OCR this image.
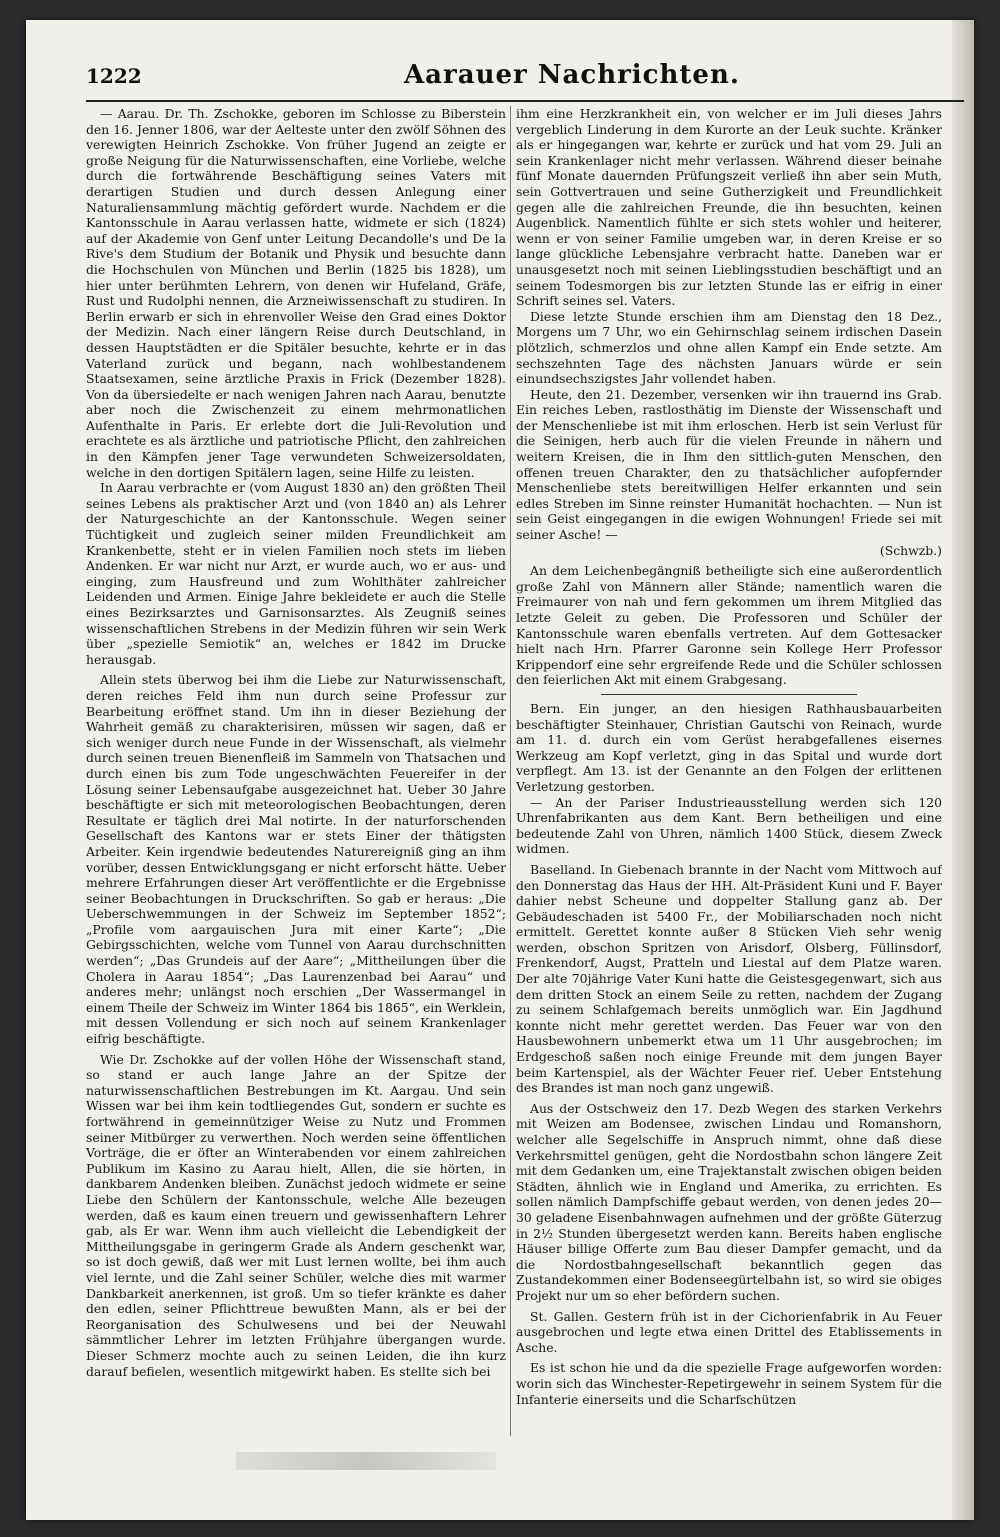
1222	Aarauer Nachrichten.

— Aarau. Dr. Th. Zschokke, geboren im Schlosse zu Biberstein den 16. Jenner 1806, war der Aelteste unter den zwölf Söhnen des verewigten Heinrich Zschokke. Von früher Jugend an zeigte er große Neigung für die Naturwissenschaften, eine Vorliebe, welche durch die fortwährende Beschäftigung seines Vaters mit derartigen Studien und durch dessen Anlegung einer Naturaliensammlung mächtig gefördert wurde. Nachdem er die Kantonsschule in Aarau verlassen hatte, widmete er sich (1824) auf der Akademie von Genf unter Leitung Decandolle's und De la Rive's dem Studium der Botanik und Physik und besuchte dann die Hochschulen von München und Berlin (1825 bis 1828), um hier unter berühmten Lehrern, von denen wir Hufeland, Gräfe, Rust und Rudolphi nennen, die Arzneiwissenschaft zu studiren. In Berlin erwarb er sich in ehrenvoller Weise den Grad eines Doktor der Medizin. Nach einer längern Reise durch Deutschland, in dessen Hauptstädten er die Spitäler besuchte, kehrte er in das Vaterland zurück und begann, nach wohlbestandenem Staatsexamen, seine ärztliche Praxis in Frick (Dezember 1828). Von da übersiedelte er nach wenigen Jahren nach Aarau, benutzte aber noch die Zwischenzeit zu einem mehrmonatlichen Aufenthalte in Paris. Er erlebte dort die Juli-Revolution und erachtete es als ärztliche und patriotische Pflicht, den zahlreichen in den Kämpfen jener Tage verwundeten Schweizersoldaten, welche in den dortigen Spitälern lagen, seine Hilfe zu leisten.

In Aarau verbrachte er (vom August 1830 an) den größten Theil seines Lebens als praktischer Arzt und (von 1840 an) als Lehrer der Naturgeschichte an der Kantonsschule. Wegen seiner Tüchtigkeit und zugleich seiner milden Freundlichkeit am Krankenbette, steht er in vielen Familien noch stets im lieben Andenken. Er war nicht nur Arzt, er wurde auch, wo er aus- und einging, zum Hausfreund und zum Wohlthäter zahlreicher Leidenden und Armen. Einige Jahre bekleidete er auch die Stelle eines Bezirksarztes und Garnisonsarztes. Als Zeugniß seines wissenschaftlichen Strebens in der Medizin führen wir sein Werk über „spezielle Semiotik“ an, welches er 1842 im Drucke herausgab.

Allein stets überwog bei ihm die Liebe zur Naturwissenschaft, deren reiches Feld ihm nun durch seine Professur zur Bearbeitung eröffnet stand. Um ihn in dieser Beziehung der Wahrheit gemäß zu charakterisiren, müssen wir sagen, daß er sich weniger durch neue Funde in der Wissenschaft, als vielmehr durch seinen treuen Bienenfleiß im Sammeln von Thatsachen und durch einen bis zum Tode ungeschwächten Feuereifer in der Lösung seiner Lebensaufgabe ausgezeichnet hat. Ueber 30 Jahre beschäftigte er sich mit meteorologischen Beobachtungen, deren Resultate er täglich drei Mal notirte. In der naturforschenden Gesellschaft des Kantons war er stets Einer der thätigsten Arbeiter. Kein irgendwie bedeutendes Naturereigniß ging an ihm vorüber, dessen Entwicklungsgang er nicht erforscht hätte. Ueber mehrere Erfahrungen dieser Art veröffentlichte er die Ergebnisse seiner Beobachtungen in Druckschriften. So gab er heraus: „Die Ueberschwemmungen in der Schweiz im September 1852“; „Profile vom aargauischen Jura mit einer Karte“; „Die Gebirgsschichten, welche vom Tunnel von Aarau durchschnitten werden“; „Das Grundeis auf der Aare“; „Mittheilungen über die Cholera in Aarau 1854“; „Das Laurenzenbad bei Aarau“ und anderes mehr; unlängst noch erschien „Der Wassermangel in einem Theile der Schweiz im Winter 1864 bis 1865“, ein Werklein, mit dessen Vollendung er sich noch auf seinem Krankenlager eifrig beschäftigte.

Wie Dr. Zschokke auf der vollen Höhe der Wissenschaft stand, so stand er auch lange Jahre an der Spitze der naturwissenschaftlichen Bestrebungen im Kt. Aargau. Und sein Wissen war bei ihm kein todtliegendes Gut, sondern er suchte es fortwährend in gemeinnütziger Weise zu Nutz und Frommen seiner Mitbürger zu verwerthen. Noch werden seine öffentlichen Vorträge, die er öfter an Winterabenden vor einem zahlreichen Publikum im Kasino zu Aarau hielt, Allen, die sie hörten, in dankbarem Andenken bleiben. Zunächst jedoch widmete er seine Liebe den Schülern der Kantonsschule, welche Alle bezeugen werden, daß es kaum einen treuern und gewissenhaftern Lehrer gab, als Er war. Wenn ihm auch vielleicht die Lebendigkeit der Mittheilungsgabe in geringerm Grade als Andern geschenkt war, so ist doch gewiß, daß wer mit Lust lernen wollte, bei ihm auch viel lernte, und die Zahl seiner Schüler, welche dies mit warmer Dankbarkeit anerkennen, ist groß. Um so tiefer kränkte es daher den edlen, seiner Pflichttreue bewußten Mann, als er bei der Reorganisation des Schulwesens und bei der Neuwahl sämmtlicher Lehrer im letzten Frühjahre übergangen wurde. Dieser Schmerz mochte auch zu seinen Leiden, die ihn kurz darauf befielen, wesentlich mitgewirkt haben. Es stellte sich bei

ihm eine Herzkrankheit ein, von welcher er im Juli dieses Jahrs vergeblich Linderung in dem Kurorte an der Leuk suchte. Kränker als er hingegangen war, kehrte er zurück und hat vom 29. Juli an sein Krankenlager nicht mehr verlassen. Während dieser beinahe fünf Monate dauernden Prüfungszeit verließ ihn aber sein Muth, sein Gottvertrauen und seine Gutherzigkeit und Freundlichkeit gegen alle die zahlreichen Freunde, die ihn besuchten, keinen Augenblick. Namentlich fühlte er sich stets wohler und heiterer, wenn er von seiner Familie umgeben war, in deren Kreise er so lange glückliche Lebensjahre verbracht hatte. Daneben war er unausgesetzt noch mit seinen Lieblingsstudien beschäftigt und an seinem Todesmorgen bis zur letzten Stunde las er eifrig in einer Schrift seines sel. Vaters.

Diese letzte Stunde erschien ihm am Dienstag den 18 Dez., Morgens um 7 Uhr, wo ein Gehirnschlag seinem irdischen Dasein plötzlich, schmerzlos und ohne allen Kampf ein Ende setzte. Am sechszehnten Tage des nächsten Januars würde er sein einundsechszigstes Jahr vollendet haben.

Heute, den 21. Dezember, versenken wir ihn trauernd ins Grab. Ein reiches Leben, rastlosthätig im Dienste der Wissenschaft und der Menschenliebe ist mit ihm erloschen. Herb ist sein Verlust für die Seinigen, herb auch für die vielen Freunde in nähern und weitern Kreisen, die in Ihm den sittlich-guten Menschen, den offenen treuen Charakter, den zu thatsächlicher aufopfernder Menschenliebe stets bereitwilligen Helfer erkannten und sein edles Streben im Sinne reinster Humanität hochachten. — Nun ist sein Geist eingegangen in die ewigen Wohnungen! Friede sei mit seiner Asche! —

(Schwzb.)

An dem Leichenbegängniß betheiligte sich eine außerordentlich große Zahl von Männern aller Stände; namentlich waren die Freimaurer von nah und fern gekommen um ihrem Mitglied das letzte Geleit zu geben. Die Professoren und Schüler der Kantonsschule waren ebenfalls vertreten. Auf dem Gottesacker hielt nach Hrn. Pfarrer Garonne sein Kollege Herr Professor Krippendorf eine sehr ergreifende Rede und die Schüler schlossen den feierlichen Akt mit einem Grabgesang.

Bern. Ein junger, an den hiesigen Rathhausbauarbeiten beschäftigter Steinhauer, Christian Gautschi von Reinach, wurde am 11. d. durch ein vom Gerüst herabgefallenes eisernes Werkzeug am Kopf verletzt, ging in das Spital und wurde dort verpflegt. Am 13. ist der Genannte an den Folgen der erlittenen Verletzung gestorben.

— An der Pariser Industrieausstellung werden sich 120 Uhrenfabrikanten aus dem Kant. Bern betheiligen und eine bedeutende Zahl von Uhren, nämlich 1400 Stück, diesem Zweck widmen.

Baselland. In Giebenach brannte in der Nacht vom Mittwoch auf den Donnerstag das Haus der HH. Alt-Präsident Kuni und F. Bayer dahier nebst Scheune und doppelter Stallung ganz ab. Der Gebäudeschaden ist 5400 Fr., der Mobiliarschaden noch nicht ermittelt. Gerettet konnte außer 8 Stücken Vieh sehr wenig werden, obschon Spritzen von Arisdorf, Olsberg, Füllinsdorf, Frenkendorf, Augst, Pratteln und Liestal auf dem Platze waren. Der alte 70jährige Vater Kuni hatte die Geistesgegenwart, sich aus dem dritten Stock an einem Seile zu retten, nachdem der Zugang zu seinem Schlafgemach bereits unmöglich war. Ein Jagdhund konnte nicht mehr gerettet werden. Das Feuer war von den Hausbewohnern unbemerkt etwa um 11 Uhr ausgebrochen; im Erdgeschoß saßen noch einige Freunde mit dem jungen Bayer beim Kartenspiel, als der Wächter Feuer rief. Ueber Entstehung des Brandes ist man noch ganz ungewiß.

Aus der Ostschweiz den 17. Dezb Wegen des starken Verkehrs mit Weizen am Bodensee, zwischen Lindau und Romanshorn, welcher alle Segelschiffe in Anspruch nimmt, ohne daß diese Verkehrsmittel genügen, geht die Nordostbahn schon längere Zeit mit dem Gedanken um, eine Trajektanstalt zwischen obigen beiden Städten, ähnlich wie in England und Amerika, zu errichten. Es sollen nämlich Dampfschiffe gebaut werden, von denen jedes 20—30 geladene Eisenbahnwagen aufnehmen und der größte Güterzug in 2½ Stunden übergesetzt werden kann. Bereits haben englische Häuser billige Offerte zum Bau dieser Dampfer gemacht, und da die Nordostbahngesellschaft bekanntlich gegen das Zustandekommen einer Bodenseegürtelbahn ist, so wird sie obiges Projekt nur um so eher befördern suchen.

St. Gallen. Gestern früh ist in der Cichorienfabrik in Au Feuer ausgebrochen und legte etwa einen Drittel des Etablissements in Asche.

Es ist schon hie und da die spezielle Frage aufgeworfen worden: worin sich das Winchester-Repetirgewehr in seinem System für die Infanterie einerseits und die Scharfschützen
